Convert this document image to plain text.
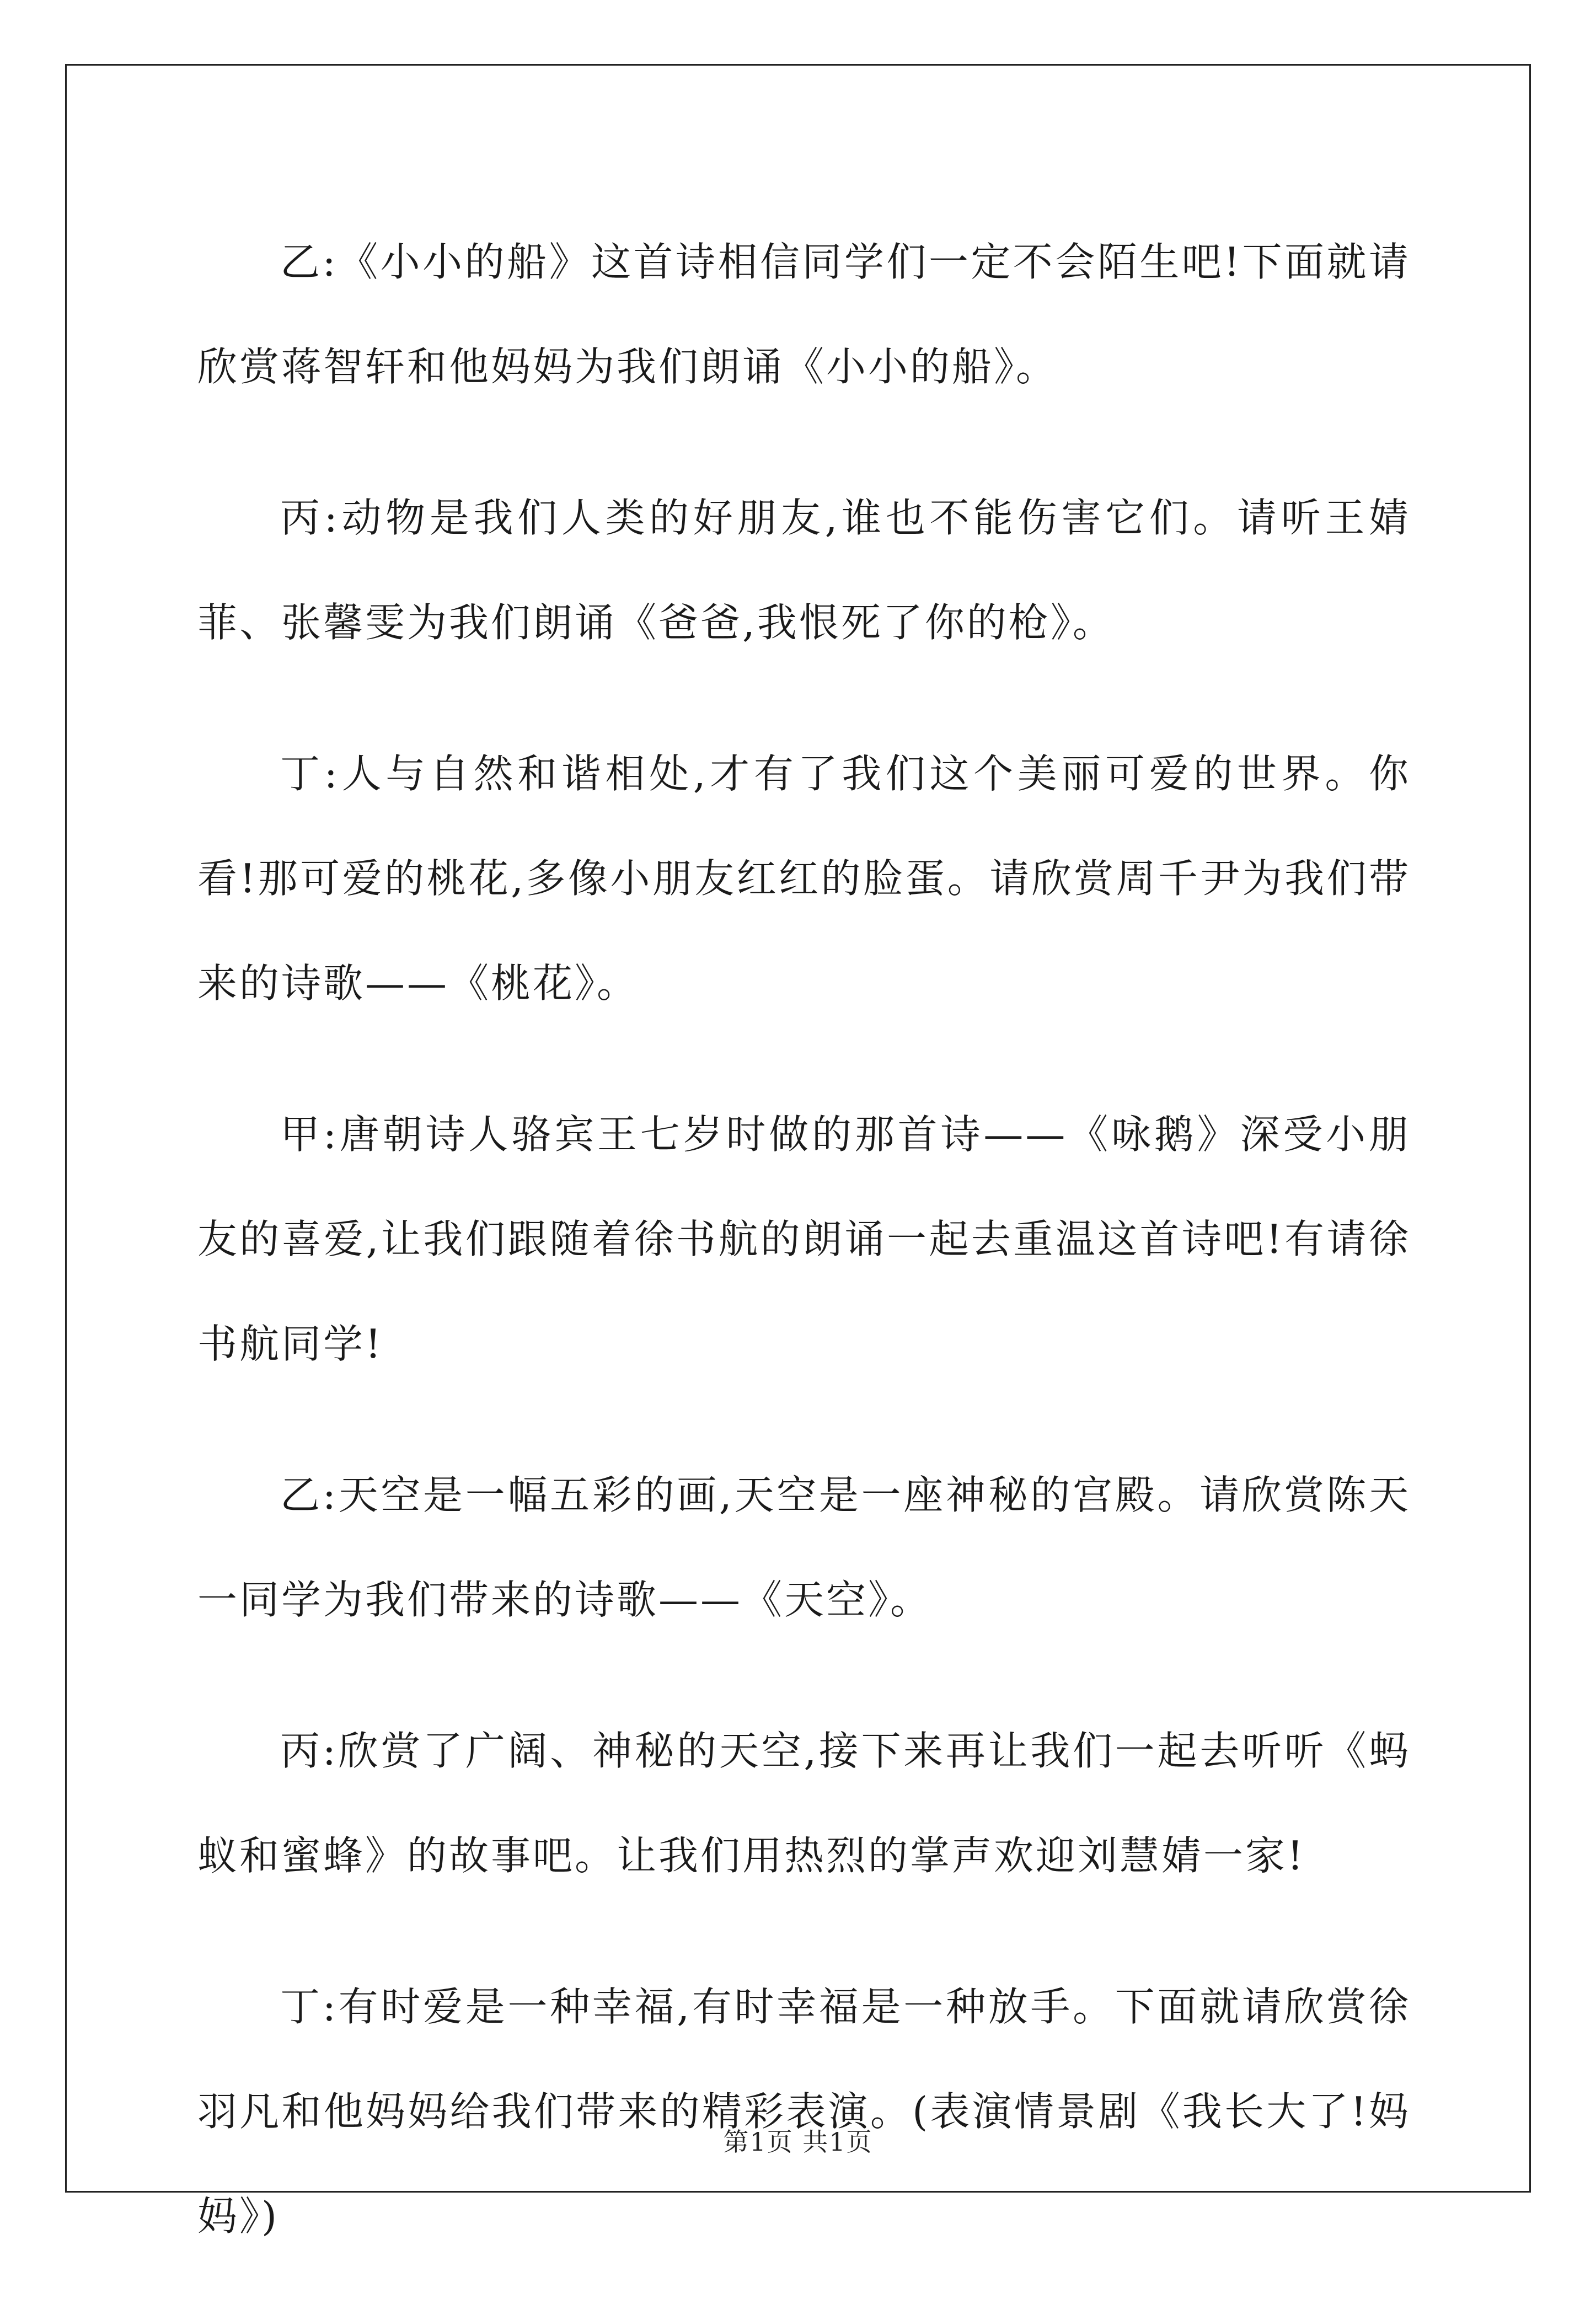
乙:《小小的船》这首诗相信同学们一定不会陌生吧!下面就请欣赏蒋智轩和他妈妈为我们朗诵《小小的船》。

丙:动物是我们人类的好朋友,谁也不能伤害它们。请听王婧菲、张馨雯为我们朗诵《爸爸,我恨死了你的枪》。

丁:人与自然和谐相处,才有了我们这个美丽可爱的世界。你看!那可爱的桃花,多像小朋友红红的脸蛋。请欣赏周千尹为我们带来的诗歌——《桃花》。

甲:唐朝诗人骆宾王七岁时做的那首诗——《咏鹅》深受小朋友的喜爱,让我们跟随着徐书航的朗诵一起去重温这首诗吧!有请徐书航同学!

乙:天空是一幅五彩的画,天空是一座神秘的宫殿。请欣赏陈天一同学为我们带来的诗歌——《天空》。

丙:欣赏了广阔、神秘的天空,接下来再让我们一起去听听《蚂蚁和蜜蜂》的故事吧。让我们用热烈的掌声欢迎刘慧婧一家!

丁:有时爱是一种幸福,有时幸福是一种放手。下面就请欣赏徐羽凡和他妈妈给我们带来的精彩表演。(表演情景剧《我长大了!妈妈》)

第1页 共1页
